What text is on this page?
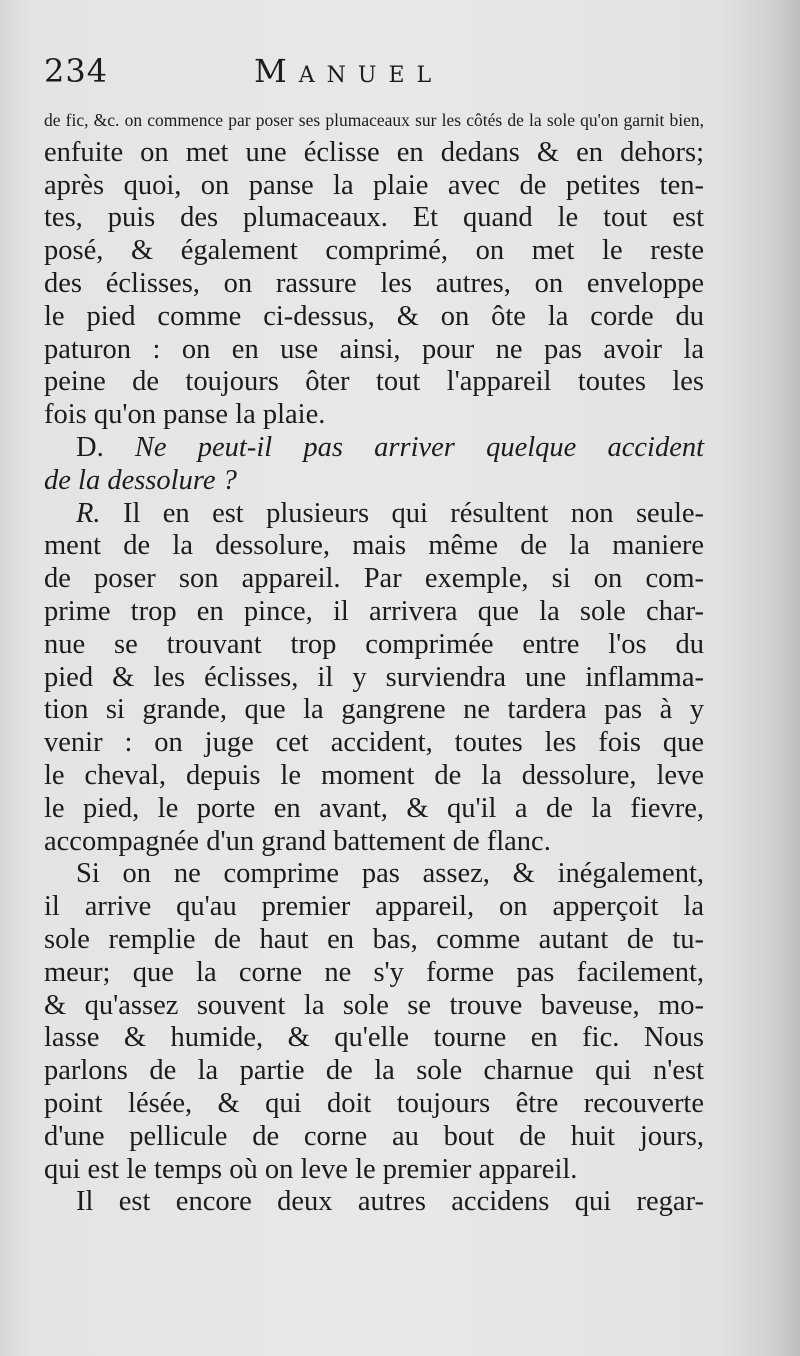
234	Manuel
de fic, &c. on commence par poser ses plumaceaux sur les côtés de la sole qu'on garnit bien,
enfuite on met une éclisse en dedans & en dehors;
après quoi, on panse la plaie avec de petites ten-
tes, puis des plumaceaux. Et quand le tout est
posé, & également comprimé, on met le reste
des éclisses, on rassure les autres, on enveloppe
le pied comme ci-dessus, & on ôte la corde du
paturon : on en use ainsi, pour ne pas avoir la
peine de toujours ôter tout l'appareil toutes les
fois qu'on panse la plaie.
D. Ne peut-il pas arriver quelque accident
de la dessolure ?
R. Il en est plusieurs qui résultent non seule-
ment de la dessolure, mais même de la maniere
de poser son appareil. Par exemple, si on com-
prime trop en pince, il arrivera que la sole char-
nue se trouvant trop comprimée entre l'os du
pied & les éclisses, il y surviendra une inflamma-
tion si grande, que la gangrene ne tardera pas à y
venir : on juge cet accident, toutes les fois que
le cheval, depuis le moment de la dessolure, leve
le pied, le porte en avant, & qu'il a de la fievre,
accompagnée d'un grand battement de flanc.
Si on ne comprime pas assez, & inégalement,
il arrive qu'au premier appareil, on apperçoit la
sole remplie de haut en bas, comme autant de tu-
meur; que la corne ne s'y forme pas facilement,
& qu'assez souvent la sole se trouve baveuse, mo-
lasse & humide, & qu'elle tourne en fic. Nous
parlons de la partie de la sole charnue qui n'est
point lésée, & qui doit toujours être recouverte
d'une pellicule de corne au bout de huit jours,
qui est le temps où on leve le premier appareil.
Il est encore deux autres accidens qui regar-
